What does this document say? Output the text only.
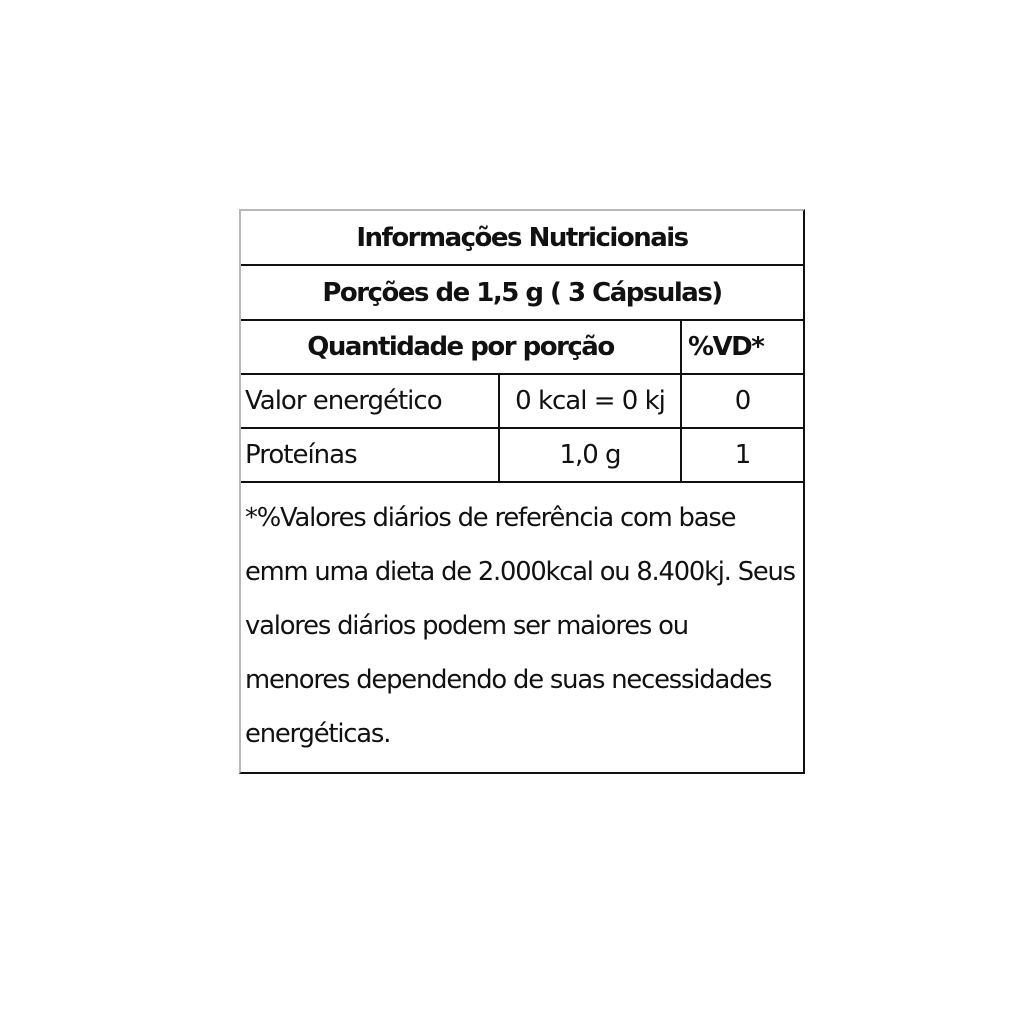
Informações Nutricionais		
Porções de 1,5 g ( 3 Cápsulas)		
Quantidade por porção		%VD*
Valor energético	0 kcal = 0 kj	0
Proteínas	1,0 g	1
*%Valores diários de referência com base
emm uma dieta de 2.000kcal ou 8.400kj. Seus
valores diários podem ser maiores ou
menores dependendo de suas necessidades
energéticas.
